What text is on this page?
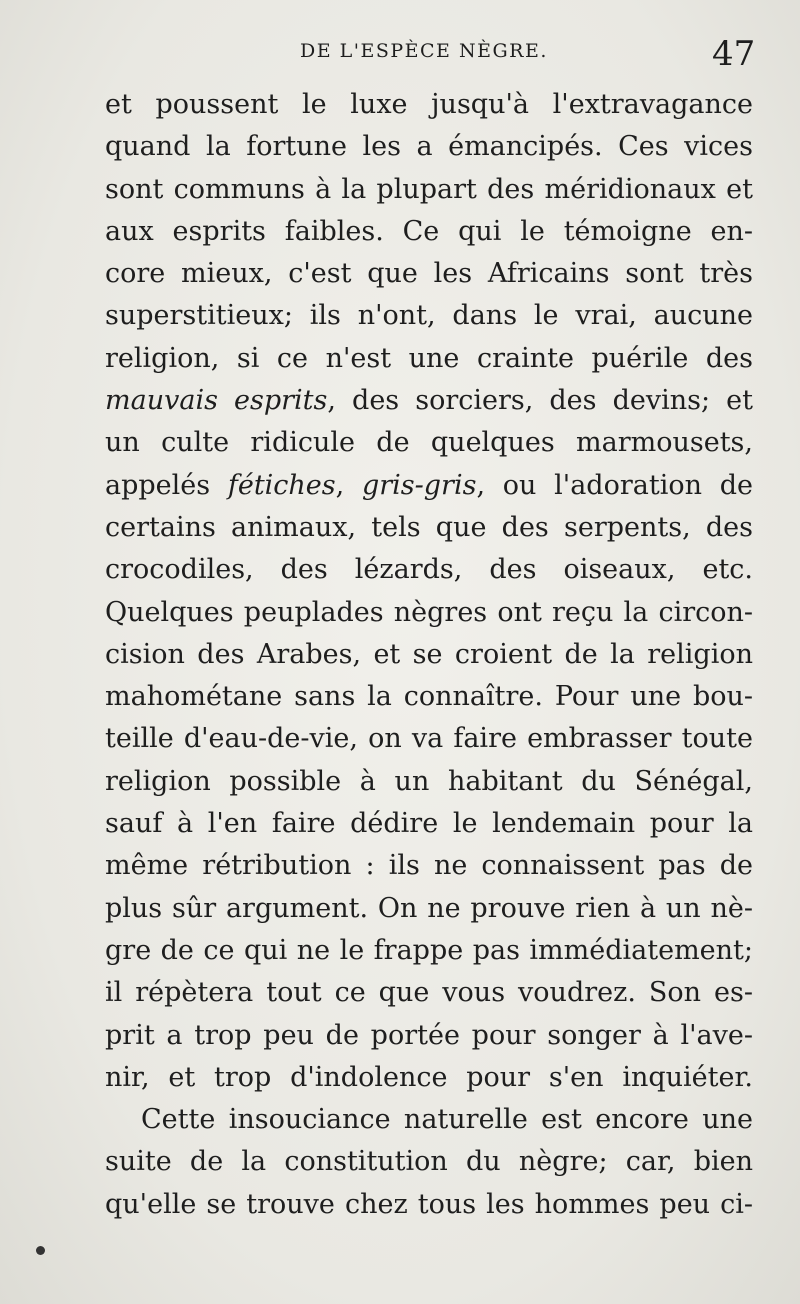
DE L'ESPÈCE NÈGRE.	47
et poussent le luxe jusqu'à l'extravagance
quand la fortune les a émancipés. Ces vices
sont communs à la plupart des méridionaux et
aux esprits faibles. Ce qui le témoigne en-
core mieux, c'est que les Africains sont très
superstitieux; ils n'ont, dans le vrai, aucune
religion, si ce n'est une crainte puérile des
mauvais esprits, des sorciers, des devins; et
un culte ridicule de quelques marmousets,
appelés fétiches, gris-gris, ou l'adoration de
certains animaux, tels que des serpents, des
crocodiles, des lézards, des oiseaux, etc.
Quelques peuplades nègres ont reçu la circon-
cision des Arabes, et se croient de la religion
mahométane sans la connaître. Pour une bou-
teille d'eau-de-vie, on va faire embrasser toute
religion possible à un habitant du Sénégal,
sauf à l'en faire dédire le lendemain pour la
même rétribution : ils ne connaissent pas de
plus sûr argument. On ne prouve rien à un nè-
gre de ce qui ne le frappe pas immédiatement;
il répètera tout ce que vous voudrez. Son es-
prit a trop peu de portée pour songer à l'ave-
nir, et trop d'indolence pour s'en inquiéter.
Cette insouciance naturelle est encore une
suite de la constitution du nègre; car, bien
qu'elle se trouve chez tous les hommes peu ci-
